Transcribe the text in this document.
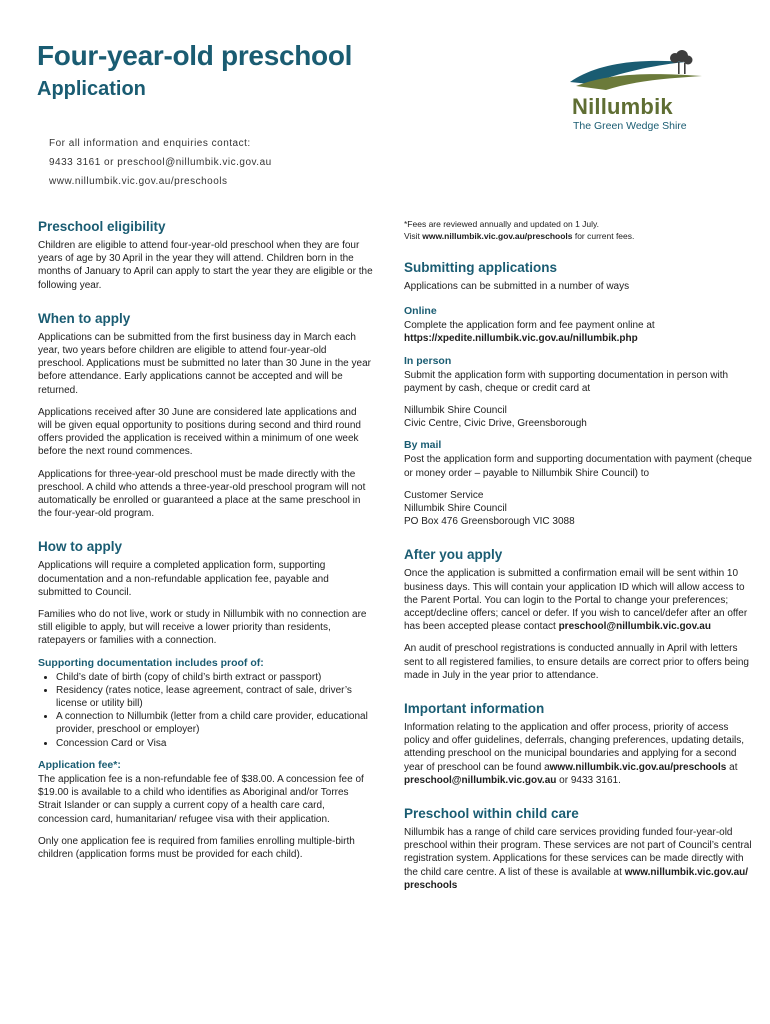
Four-year-old preschool
Application
Nillumbik
The Green Wedge Shire
For all information and enquiries contact:
9433 3161 or preschool@nillumbik.vic.gov.au
www.nillumbik.vic.gov.au/preschools
Preschool eligibility

Children are eligible to attend four-year-old preschool when they are four years of age by 30 April in the year they will attend. Children born in the months of January to April can apply to start the year they are eligible or the following year.

When to apply

Applications can be submitted from the first business day in March each year, two years before children are eligible to attend four-year-old preschool. Applications must be submitted no later than 30 June in the year before attendance. Early applications cannot be accepted and will be returned.

Applications received after 30 June are considered late applications and will be given equal opportunity to positions during second and third round offers provided the application is received within a minimum of one week before the next round commences.

Applications for three-year-old preschool must be made directly with the preschool. A child who attends a three-year-old preschool program will not automatically be enrolled or guaranteed a place at the same preschool in the four-year-old program.

How to apply

Applications will require a completed application form, supporting documentation and a non-refundable application fee, payable and submitted to Council.

Families who do not live, work or study in Nillumbik with no connection are still eligible to apply, but will receive a lower priority than residents, ratepayers or families with a connection.

Supporting documentation includes proof of:
• Child’s date of birth (copy of child’s birth extract or passport)
• Residency (rates notice, lease agreement, contract of sale, driver’s license or utility bill)
• A connection to Nillumbik (letter from a child care provider, educational provider, preschool or employer)
• Concession Card or Visa
Application fee*:

The application fee is a non-refundable fee of $38.00. A concession fee of $19.00 is available to a child who identifies as Aboriginal and/or Torres Strait Islander or can supply a current copy of a health care card, concession card, humanitarian/ refugee visa with their application.

Only one application fee is required from families enrolling multiple-birth children (application forms must be provided for each child).

*Fees are reviewed annually and updated on 1 July.
Visit www.nillumbik.vic.gov.au/preschools for current fees.
Submitting applications

Applications can be submitted in a number of ways

Online

Complete the application form and fee payment online at
https://xpedite.nillumbik.vic.gov.au/nillumbik.php

In person

Submit the application form with supporting documentation in person with payment by cash, cheque or credit card at

Nillumbik Shire Council
Civic Centre, Civic Drive, Greensborough

By mail

Post the application form and supporting documentation with payment (cheque or money order – payable to Nillumbik Shire Council) to

Customer Service
Nillumbik Shire Council
PO Box 476 Greensborough VIC 3088

After you apply

Once the application is submitted a confirmation email will be sent within 10 business days. This will contain your application ID which will allow access to the Parent Portal. You can login to the Portal to change your preferences; accept/decline offers; cancel or defer. If you wish to cancel/defer after an offer has been accepted please contact preschool@nillumbik.vic.gov.au

An audit of preschool registrations is conducted annually in April with letters sent to all registered families, to ensure details are correct prior to offers being made in July in the year prior to attendance.

Important information

Information relating to the application and offer process, priority of access policy and offer guidelines, deferrals, changing preferences, updating details, attending preschool on the municipal boundaries and applying for a second year of preschool can be found awww.nillumbik.vic.gov.au/preschools at preschool@nillumbik.vic.gov.au or 9433 3161.

Preschool within child care

Nillumbik has a range of child care services providing funded four-year-old preschool within their program. These services are not part of Council’s central registration system. Applications for these services can be made directly with the child care centre. A list of these is available at www.nillumbik.vic.gov.au/ preschools
